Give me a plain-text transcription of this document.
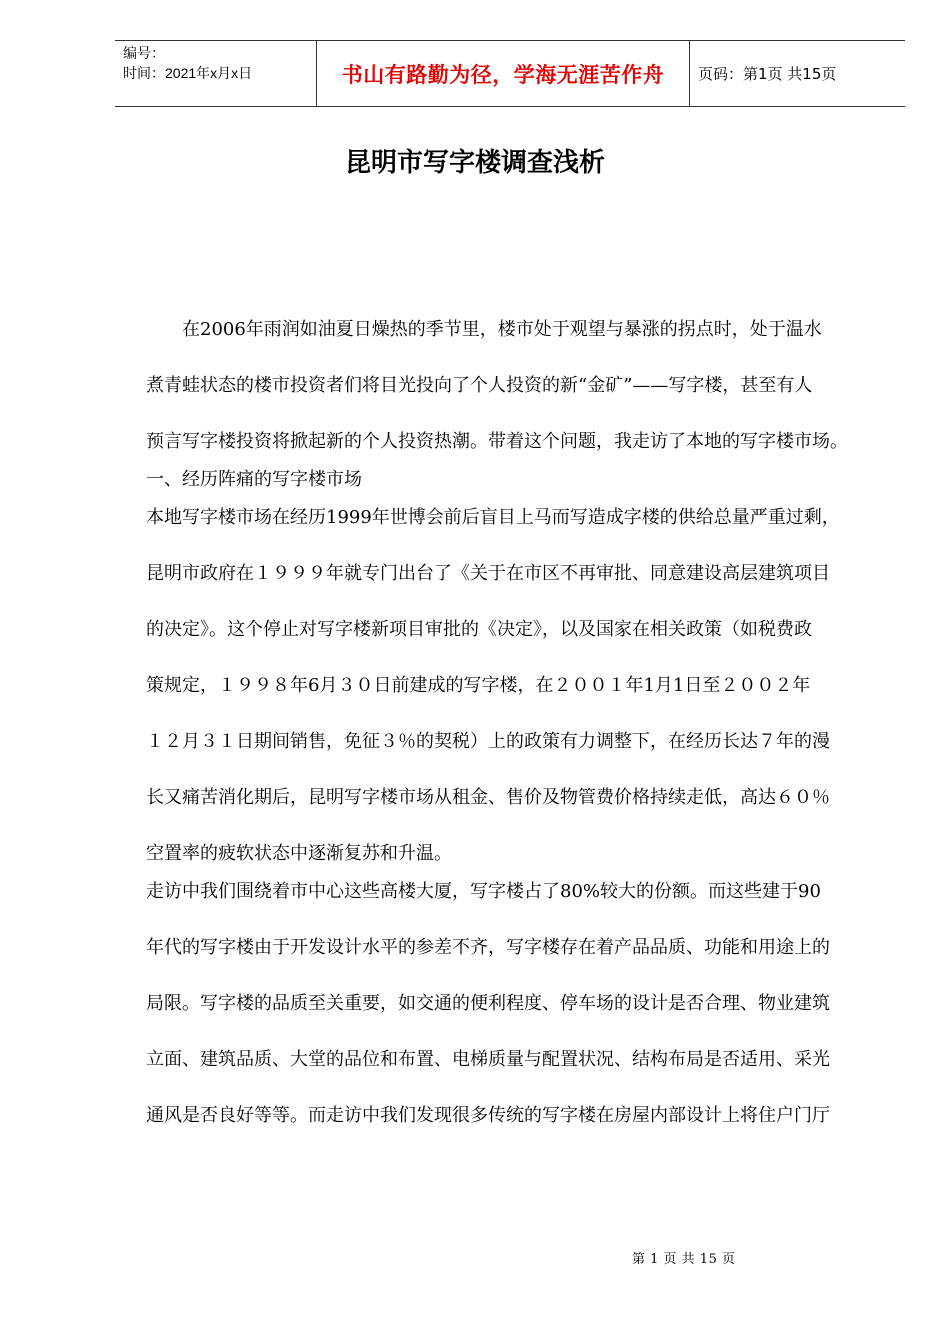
编号：
时间：2021年x月x日	书山有路勤为径，学海无涯苦作舟 页码：第1页 共15页
昆明市写字楼调查浅析
　　在2006年雨润如油夏日燥热的季节里，楼市处于观望与暴涨的拐点时，处于温水
煮青蛙状态的楼市投资者们将目光投向了个人投资的新“金矿”——写字楼，甚至有人
预言写字楼投资将掀起新的个人投资热潮。带着这个问题，我走访了本地的写字楼市场。
一、经历阵痛的写字楼市场
本地写字楼市场在经历1999年世博会前后盲目上马而写造成字楼的供给总量严重过剩，
昆明市政府在１９９９年就专门出台了《关于在市区不再审批、同意建设高层建筑项目
的决定》。这个停止对写字楼新项目审批的《决定》，以及国家在相关政策（如税费政
策规定，１９９８年6月３０日前建成的写字楼，在２００１年1月1日至２００２年
１２月３１日期间销售，免征３％的契税）上的政策有力调整下，在经历长达７年的漫
长又痛苦消化期后，昆明写字楼市场从租金、售价及物管费价格持续走低，高达６０％
空置率的疲软状态中逐渐复苏和升温。
走访中我们围绕着市中心这些高楼大厦，写字楼占了80%较大的份额。而这些建于90
年代的写字楼由于开发设计水平的参差不齐，写字楼存在着产品品质、功能和用途上的
局限。写字楼的品质至关重要，如交通的便利程度、停车场的设计是否合理、物业建筑
立面、建筑品质、大堂的品位和布置、电梯质量与配置状况、结构布局是否适用、采光
通风是否良好等等。而走访中我们发现很多传统的写字楼在房屋内部设计上将住户门厅
第 1 页 共 15 页
